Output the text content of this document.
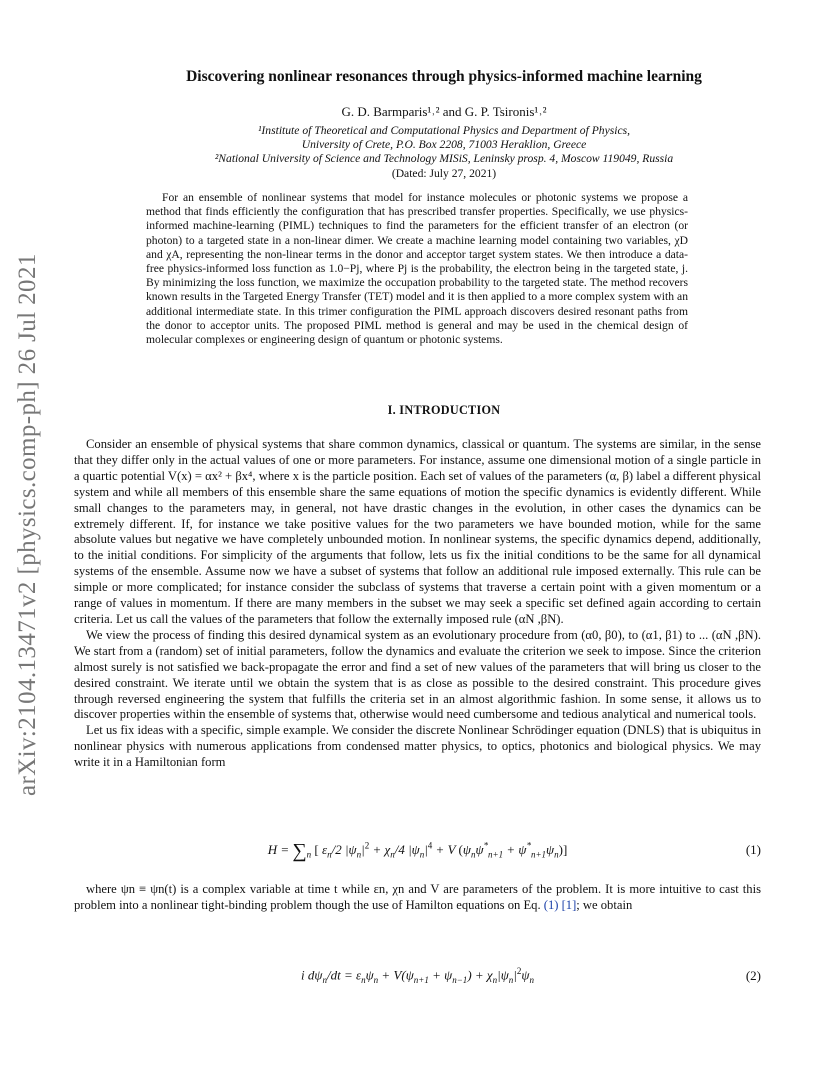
arXiv:2104.13471v2 [physics.comp-ph] 26 Jul 2021
Discovering nonlinear resonances through physics-informed machine learning
G. D. Barmparis¹˒² and G. P. Tsironis¹˒²
¹Institute of Theoretical and Computational Physics and Department of Physics,
University of Crete, P.O. Box 2208, 71003 Heraklion, Greece
²National University of Science and Technology MISiS, Leninsky prosp. 4, Moscow 119049, Russia
(Dated: July 27, 2021)
For an ensemble of nonlinear systems that model for instance molecules or photonic systems we propose a method that finds efficiently the configuration that has prescribed transfer properties. Specifically, we use physics-informed machine-learning (PIML) techniques to find the parameters for the efficient transfer of an electron (or photon) to a targeted state in a non-linear dimer. We create a machine learning model containing two variables, χD and χA, representing the non-linear terms in the donor and acceptor target system states. We then introduce a data-free physics-informed loss function as 1.0−Pj, where Pj is the probability, the electron being in the targeted state, j. By minimizing the loss function, we maximize the occupation probability to the targeted state. The method recovers known results in the Targeted Energy Transfer (TET) model and it is then applied to a more complex system with an additional intermediate state. In this trimer configuration the PIML approach discovers desired resonant paths from the donor to acceptor units. The proposed PIML method is general and may be used in the chemical design of molecular complexes or engineering design of quantum or photonic systems.
I. INTRODUCTION

Consider an ensemble of physical systems that share common dynamics, classical or quantum. The systems are similar, in the sense that they differ only in the actual values of one or more parameters. For instance, assume one dimensional motion of a single particle in a quartic potential V(x) = αx² + βx⁴, where x is the particle position. Each set of values of the parameters (α, β) label a different physical system and while all members of this ensemble share the same equations of motion the specific dynamics is evidently different. While small changes to the parameters may, in general, not have drastic changes in the evolution, in other cases the dynamics can be extremely different. If, for instance we take positive values for the two parameters we have bounded motion, while for the same absolute values but negative we have completely unbounded motion. In nonlinear systems, the specific dynamics depend, additionally, to the initial conditions. For simplicity of the arguments that follow, lets us fix the initial conditions to be the same for all dynamical systems of the ensemble. Assume now we have a subset of systems that follow an additional rule imposed externally. This rule can be simple or more complicated; for instance consider the subclass of systems that traverse a certain point with a given momentum or a range of values in momentum. If there are many members in the subset we may seek a specific set defined again according to certain criteria. Let us call the values of the parameters that follow the externally imposed rule (αN ,βN).

We view the process of finding this desired dynamical system as an evolutionary procedure from (α0, β0), to (α1, β1) to ... (αN ,βN). We start from a (random) set of initial parameters, follow the dynamics and evaluate the criterion we seek to impose. Since the criterion almost surely is not satisfied we back-propagate the error and find a set of new values of the parameters that will bring us closer to the desired constraint. We iterate until we obtain the system that is as close as possible to the desired constraint. This procedure gives through reversed engineering the system that fulfills the criteria set in an almost algorithmic fashion. In some sense, it allows us to discover properties within the ensemble of systems that, otherwise would need cumbersome and tedious analytical and numerical tools.

Let us fix ideas with a specific, simple example. We consider the discrete Nonlinear Schrödinger equation (DNLS) that is ubiquitus in nonlinear physics with numerous applications from condensed matter physics, to optics, photonics and biological physics. We may write it in a Hamiltonian form

$H = \sum_n$ [ $\varepsilon_n/2$ $|\psi_n|^2 + \chi_n/4$ $|\psi_n|^4 + V$ $(\psi_n\psi^*_{n+1} + \psi^*_{n+1}\psi_n)$]	(1)

where ψn ≡ ψn(t) is a complex variable at time t while εn, χn and V are parameters of the problem. It is more intuitive to cast this problem into a nonlinear tight-binding problem though the use of Hamilton equations on Eq. (1) [1]; we obtain

i $d\psi_n/dt = \varepsilon_n\psi_n + V(\psi_{n+1} + \psi_{n-1}) + \chi_n|\psi_n|^2\psi_n$	(2)
